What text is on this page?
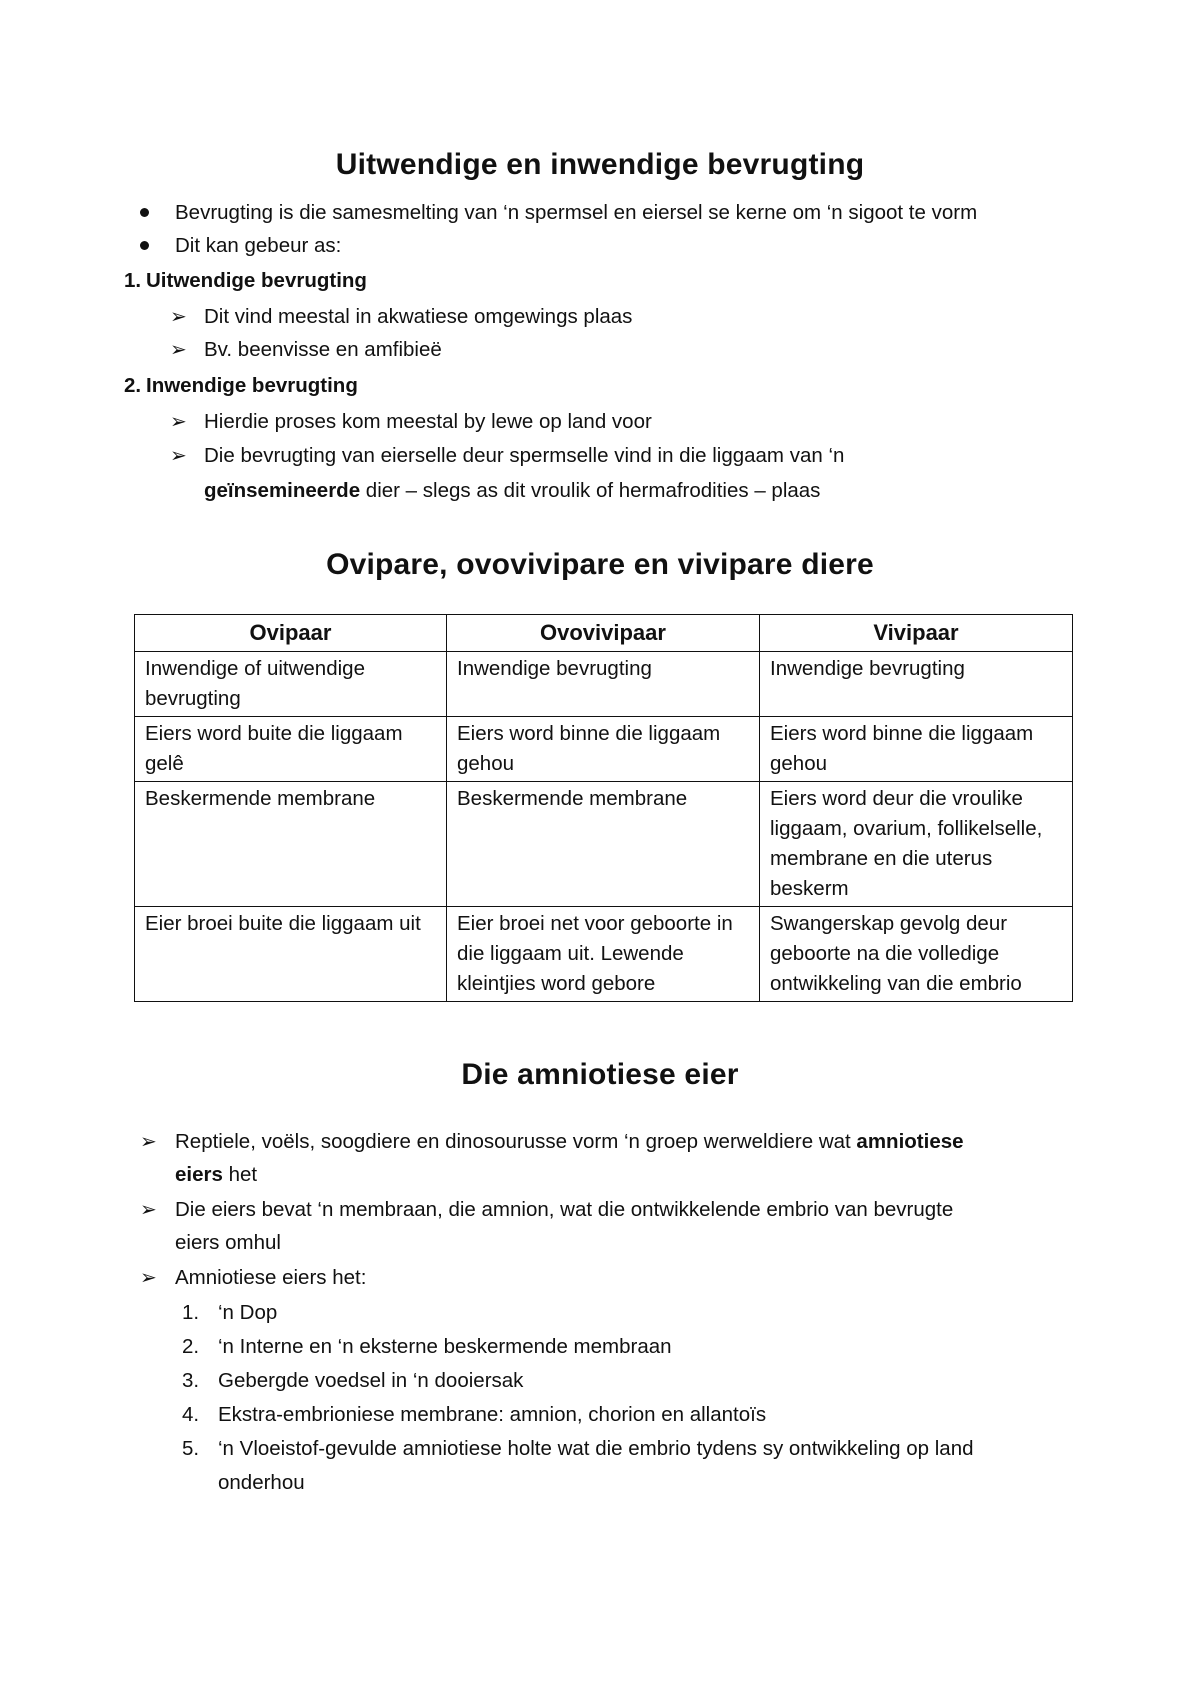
Uitwendige en inwendige bevrugting
Bevrugting is die samesmelting van ‘n spermsel en eiersel se kerne om ‘n sigoot te vorm
Dit kan gebeur as:
1. Uitwendige bevrugting
➢ Dit vind meestal in akwatiese omgewings plaas
➢ Bv. beenvisse en amfibieë
2. Inwendige bevrugting
➢ Hierdie proses kom meestal by lewe op land voor
➢ Die bevrugting van eierselle deur spermselle vind in die liggaam van ‘n
geïnsemineerde dier – slegs as dit vroulik of hermafrodities – plaas
Ovipare, ovovivipare en vivipare diere
Ovipaar	Ovovivipaar	Vivipaar
Inwendige of uitwendige bevrugting	Inwendige bevrugting	Inwendige bevrugting
Eiers word buite die liggaam gelê	Eiers word binne die liggaam gehou	Eiers word binne die liggaam gehou
Beskermende membrane	Beskermende membrane	Eiers word deur die vroulike liggaam, ovarium, follikelselle, membrane en die uterus beskerm
Eier broei buite die liggaam uit	Eier broei net voor geboorte in die liggaam uit. Lewende kleintjies word gebore	Swangerskap gevolg deur geboorte na die volledige ontwikkeling van die embrio
Die amniotiese eier
➢ Reptiele, voëls, soogdiere en dinosourusse vorm ‘n groep werweldiere wat amniotiese
eiers het
➢ Die eiers bevat ‘n membraan, die amnion, wat die ontwikkelende embrio van bevrugte
eiers omhul
➢ Amniotiese eiers het:
1. ‘n Dop
2. ‘n Interne en ‘n eksterne beskermende membraan
3. Gebergde voedsel in ‘n dooiersak
4. Ekstra-embrioniese membrane: amnion, chorion en allantoïs
5. ‘n Vloeistof-gevulde amniotiese holte wat die embrio tydens sy ontwikkeling op land
onderhou
